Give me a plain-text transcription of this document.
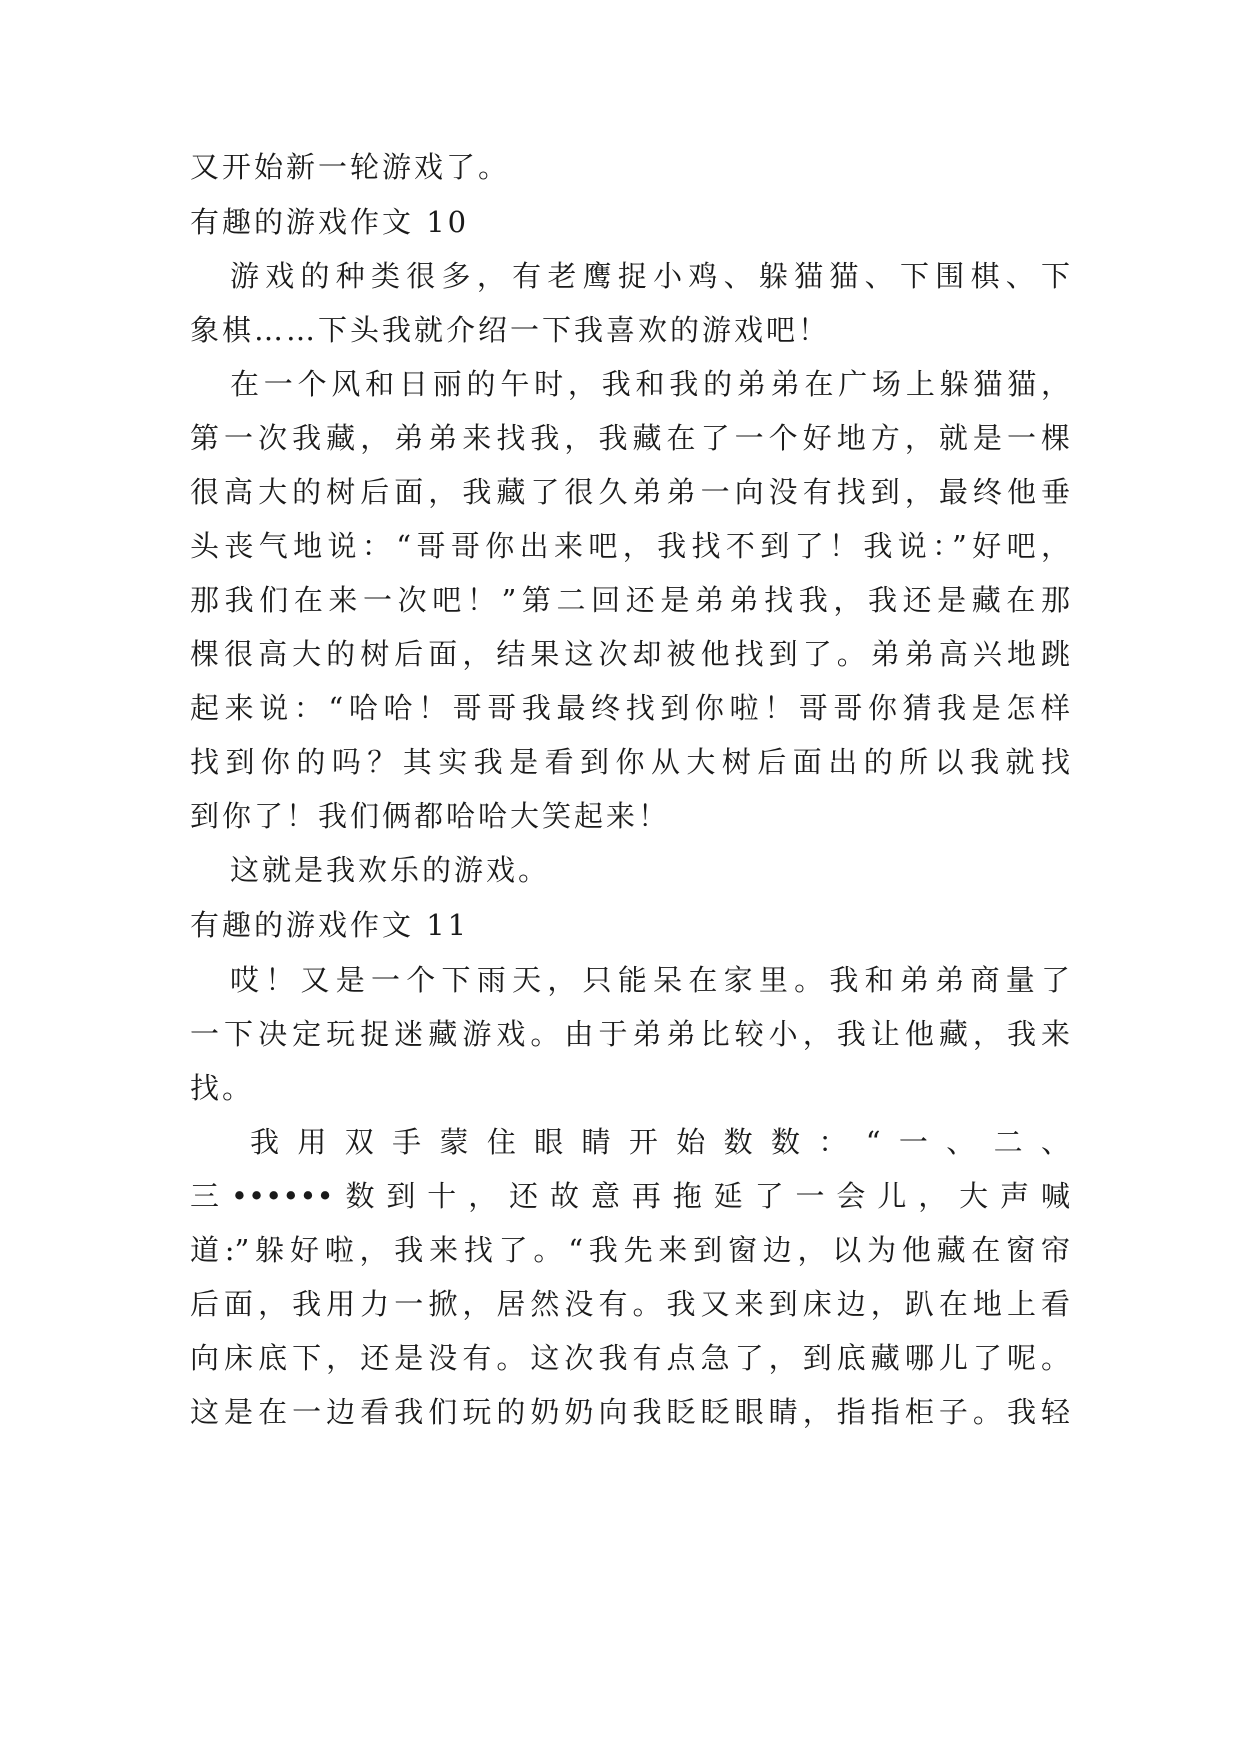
又开始新一轮游戏了。
有趣的游戏作文 10
游戏的种类很多，有老鹰捉小鸡、躲猫猫、下围棋、下
象棋……下头我就介绍一下我喜欢的游戏吧！
在一个风和日丽的午时，我和我的弟弟在广场上躲猫猫，
第一次我藏，弟弟来找我，我藏在了一个好地方，就是一棵
很高大的树后面，我藏了很久弟弟一向没有找到，最终他垂
头丧气地说：“哥哥你出来吧，我找不到了！我说：”好吧，
那我们在来一次吧！”第二回还是弟弟找我，我还是藏在那
棵很高大的树后面，结果这次却被他找到了。弟弟高兴地跳
起来说：“哈哈！哥哥我最终找到你啦！哥哥你猜我是怎样
找到你的吗？其实我是看到你从大树后面出的所以我就找
到你了！我们俩都哈哈大笑起来！
这就是我欢乐的游戏。
有趣的游戏作文 11
哎！又是一个下雨天，只能呆在家里。我和弟弟商量了
一下决定玩捉迷藏游戏。由于弟弟比较小，我让他藏，我来
找。
我用双手蒙住眼睛开始数数：“一、二、
三••••••数到十，还故意再拖延了一会儿，大声喊
道:”躲好啦，我来找了。“我先来到窗边，以为他藏在窗帘
后面，我用力一掀，居然没有。我又来到床边，趴在地上看
向床底下，还是没有。这次我有点急了，到底藏哪儿了呢。
这是在一边看我们玩的奶奶向我眨眨眼睛，指指柜子。我轻
